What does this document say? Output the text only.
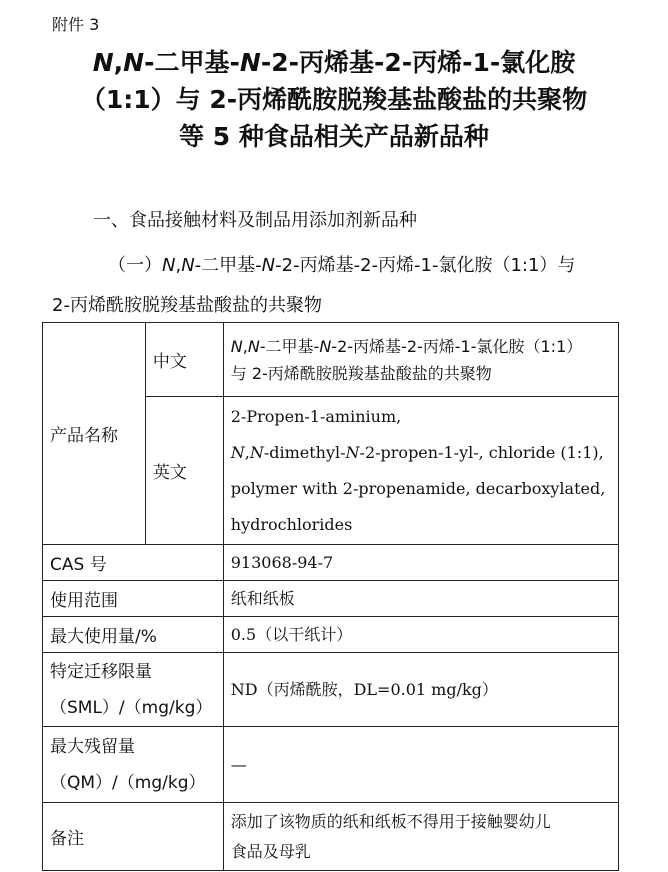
附件 3
N,N-二甲基-N-2-丙烯基-2-丙烯-1-氯化胺
（1:1）与 2-丙烯酰胺脱羧基盐酸盐的共聚物
等 5 种食品相关产品新品种
一、食品接触材料及制品用添加剂新品种
（一）N,N-二甲基-N-2-丙烯基-2-丙烯-1-氯化胺（1:1）与
2-丙烯酰胺脱羧基盐酸盐的共聚物
产品名称	中文	N,N-二甲基-N-2-丙烯基-2-丙烯-1-氯化胺（1:1）
与 2-丙烯酰胺脱羧基盐酸盐的共聚物

	英文	2-Propen-1-aminium,
N,N-dimethyl-N-2-propen-1-yl-, chloride (1:1),
polymer with 2-propenamide, decarboxylated,
hydrochlorides

CAS 号		913068-94-7
使用范围		纸和纸板
最大使用量/%		0.5（以干纸计）

特定迁移限量
（SML）/（mg/kg）		ND（丙烯酰胺，DL=0.01 mg/kg）

最大残留量
（QM）/（mg/kg）		—
备注		添加了该物质的纸和纸板不得用于接触婴幼儿
食品及母乳
